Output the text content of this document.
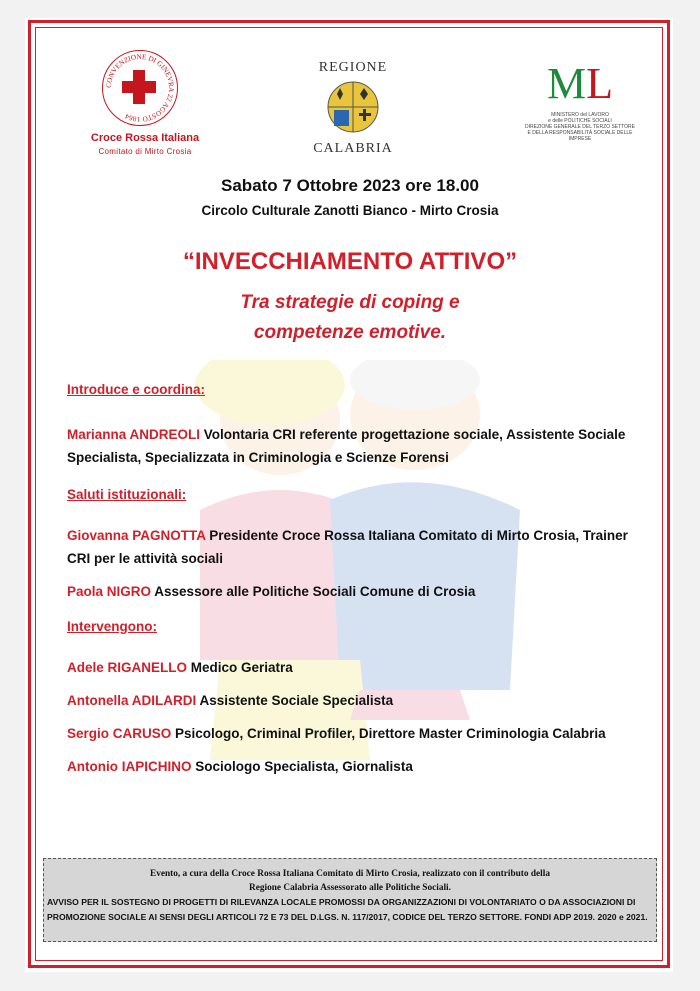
CONVENZIONE DI GINEVRA 22 AGOSTO 1864
Croce Rossa Italiana
Comitato di Mirto Crosia
REGIONE
CALABRIA
ML
MINISTERO del LAVORO
e delle POLITICHE SOCIALI
DIREZIONE GENERALE DEL TERZO SETTORE
E DELLA RESPONSABILITÀ SOCIALE DELLE IMPRESE
Sabato 7 Ottobre 2023 ore 18.00
Circolo Culturale Zanotti Bianco - Mirto Crosia
“INVECCHIAMENTO ATTIVO”
Tra strategie di coping e
competenze emotive.
Introduce e coordina:
Marianna ANDREOLI Volontaria CRI referente progettazione sociale, Assistente Sociale Specialista, Specializzata in Criminologia e Scienze Forensi
Saluti istituzionali:
Giovanna PAGNOTTA Presidente Croce Rossa Italiana Comitato di Mirto Crosia, Trainer CRI per le attività sociali
Paola NIGRO Assessore alle Politiche Sociali Comune di Crosia
Intervengono:
Adele RIGANELLO Medico Geriatra
Antonella ADILARDI Assistente Sociale Specialista
Sergio CARUSO Psicologo, Criminal Profiler, Direttore Master Criminologia Calabria
Antonio IAPICHINO Sociologo Specialista, Giornalista
Evento, a cura della Croce Rossa Italiana Comitato di Mirto Crosia, realizzato con il contributo della
Regione Calabria Assessorato alle Politiche Sociali.
AVVISO PER IL SOSTEGNO DI PROGETTI DI RILEVANZA LOCALE PROMOSSI DA ORGANIZZAZIONI DI VOLONTARIATO O DA ASSOCIAZIONI DI PROMOZIONE SOCIALE AI SENSI DEGLI ARTICOLI 72 E 73 DEL D.LGS. N. 117/2017, CODICE DEL TERZO SETTORE. FONDI ADP 2019. 2020 e 2021.
